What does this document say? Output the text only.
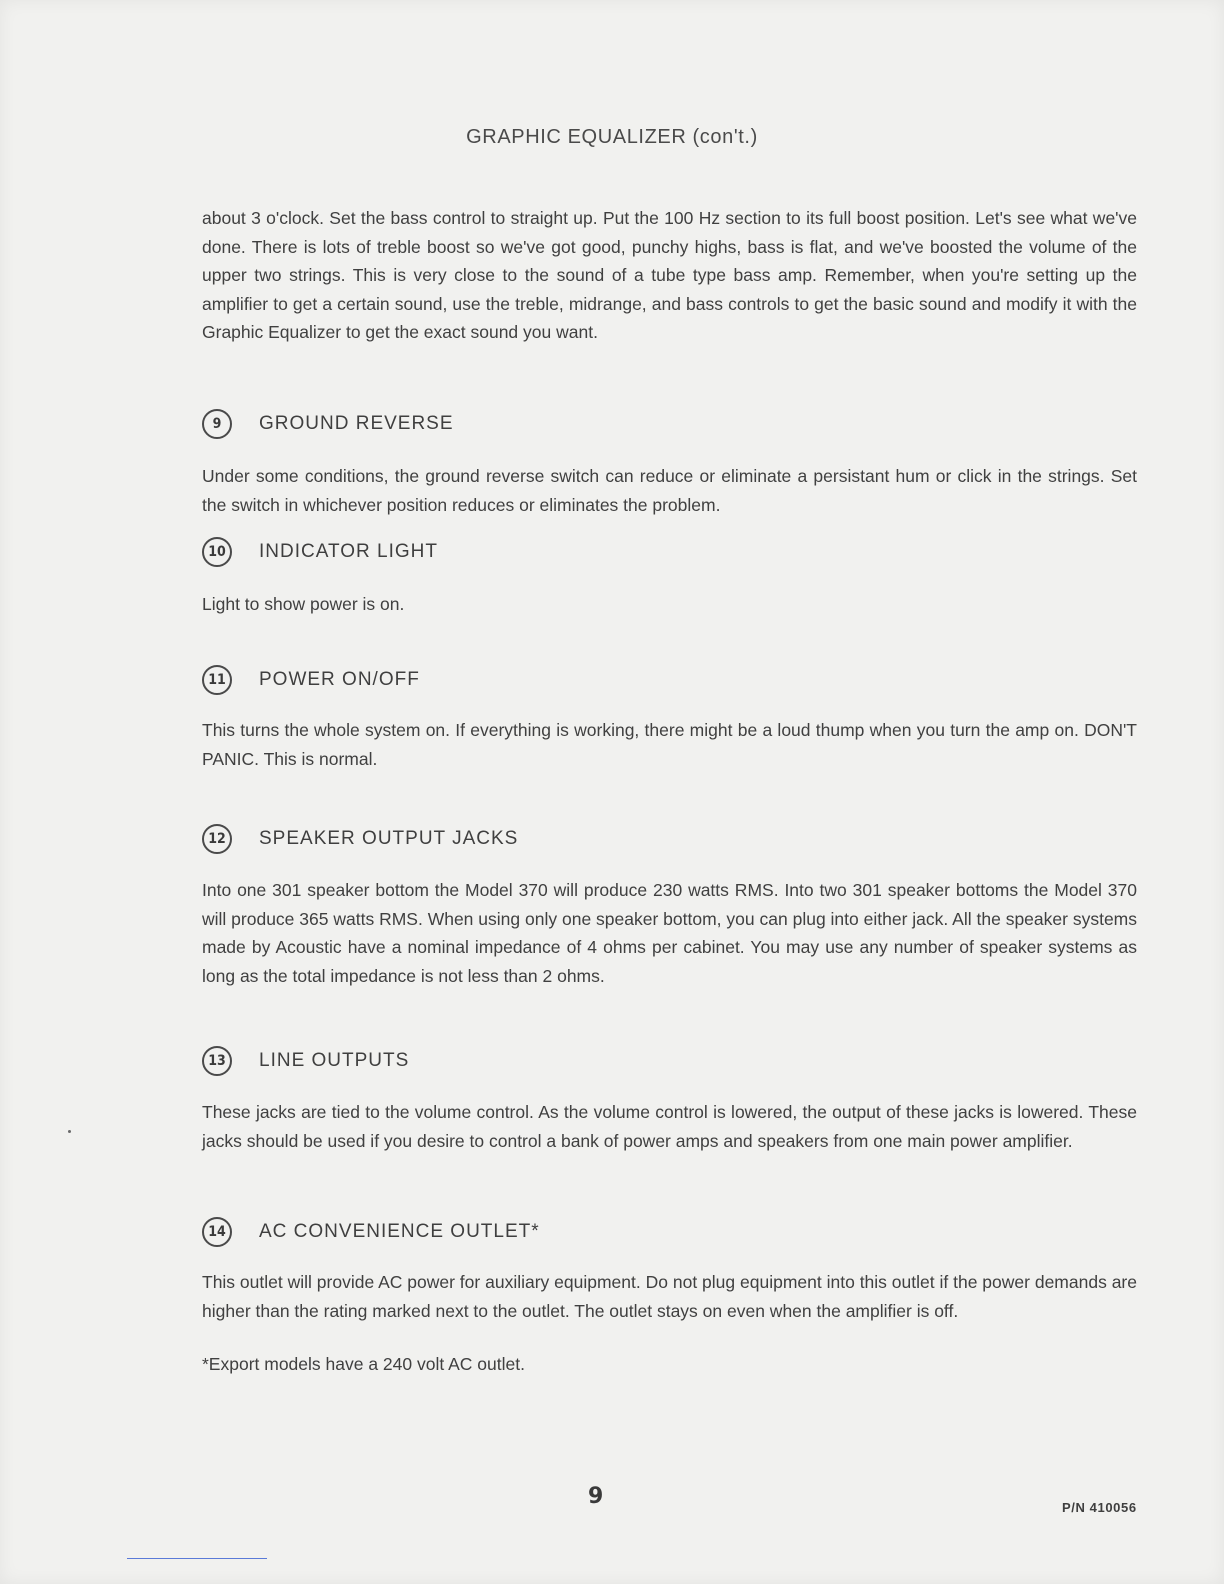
GRAPHIC EQUALIZER (con't.)

about 3 o'clock. Set the bass control to straight up. Put the 100 Hz section to its full boost position. Let's see what we've done. There is lots of treble boost so we've got good, punchy highs, bass is flat, and we've boosted the volume of the upper two strings. This is very close to the sound of a tube type bass amp. Remember, when you're setting up the amplifier to get a certain sound, use the treble, midrange, and bass controls to get the basic sound and modify it with the Graphic Equalizer to get the exact sound you want.

9	GROUND REVERSE

Under some conditions, the ground reverse switch can reduce or eliminate a persistant hum or click in the strings. Set the switch in whichever position reduces or eliminates the problem.

10	INDICATOR LIGHT

Light to show power is on.

11	POWER ON/OFF

This turns the whole system on. If everything is working, there might be a loud thump when you turn the amp on. DON'T PANIC. This is normal.

12	SPEAKER OUTPUT JACKS

Into one 301 speaker bottom the Model 370 will produce 230 watts RMS. Into two 301 speaker bottoms the Model 370 will produce 365 watts RMS. When using only one speaker bottom, you can plug into either jack. All the speaker systems made by Acoustic have a nominal impedance of 4 ohms per cabinet. You may use any number of speaker systems as long as the total impedance is not less than 2 ohms.

13	LINE OUTPUTS

These jacks are tied to the volume control. As the volume control is lowered, the output of these jacks is lowered. These jacks should be used if you desire to control a bank of power amps and speakers from one main power amplifier.

14	AC CONVENIENCE OUTLET*

This outlet will provide AC power for auxiliary equipment. Do not plug equipment into this outlet if the power demands are higher than the rating marked next to the outlet. The outlet stays on even when the amplifier is off.

*Export models have a 240 volt AC outlet.

9	P/N 410056
